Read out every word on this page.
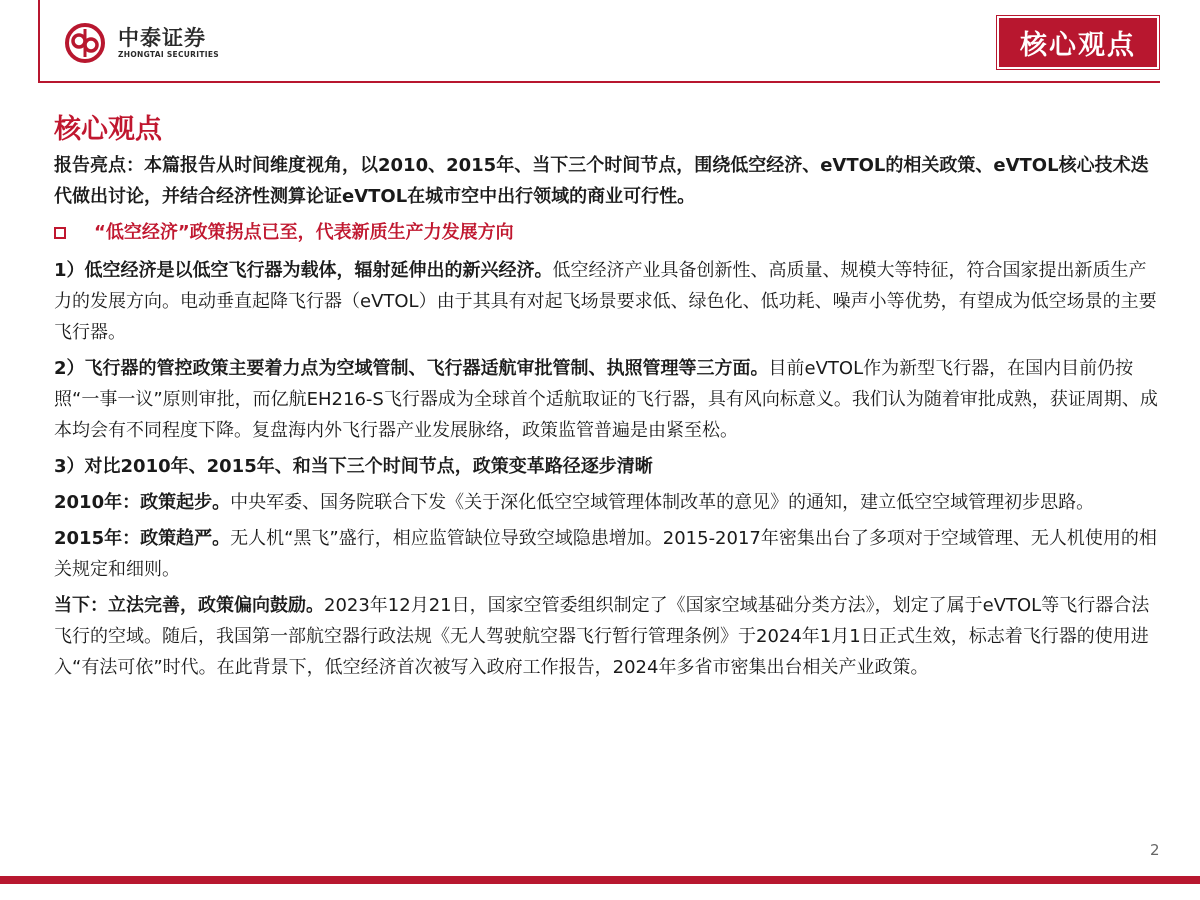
中泰证券
ZHONGTAI SECURITIES	核心观点
核心观点
报告亮点：本篇报告从时间维度视角，以2010、2015年、当下三个时间节点，围绕低空经济、eVTOL的相关政策、eVTOL核心技术迭代做出讨论，并结合经济性测算论证eVTOL在城市空中出行领域的商业可行性。
“低空经济”政策拐点已至，代表新质生产力发展方向
1）低空经济是以低空飞行器为载体，辐射延伸出的新兴经济。低空经济产业具备创新性、高质量、规模大等特征，符合国家提出新质生产力的发展方向。电动垂直起降飞行器（eVTOL）由于其具有对起飞场景要求低、绿色化、低功耗、噪声小等优势，有望成为低空场景的主要飞行器。
2）飞行器的管控政策主要着力点为空域管制、飞行器适航审批管制、执照管理等三方面。目前eVTOL作为新型飞行器，在国内目前仍按照“一事一议”原则审批，而亿航EH216-S飞行器成为全球首个适航取证的飞行器，具有风向标意义。我们认为随着审批成熟，获证周期、成本均会有不同程度下降。复盘海内外飞行器产业发展脉络，政策监管普遍是由紧至松。
3）对比2010年、2015年、和当下三个时间节点，政策变革路径逐步清晰
2010年：政策起步。中央军委、国务院联合下发《关于深化低空空域管理体制改革的意见》的通知，建立低空空域管理初步思路。
2015年：政策趋严。无人机“黑飞”盛行，相应监管缺位导致空域隐患增加。2015-2017年密集出台了多项对于空域管理、无人机使用的相关规定和细则。
当下：立法完善，政策偏向鼓励。2023年12月21日，国家空管委组织制定了《国家空域基础分类方法》，划定了属于eVTOL等飞行器合法飞行的空域。随后，我国第一部航空器行政法规《无人驾驶航空器飞行暂行管理条例》于2024年1月1日正式生效，标志着飞行器的使用进入“有法可依”时代。在此背景下，低空经济首次被写入政府工作报告，2024年多省市密集出台相关产业政策。
2
